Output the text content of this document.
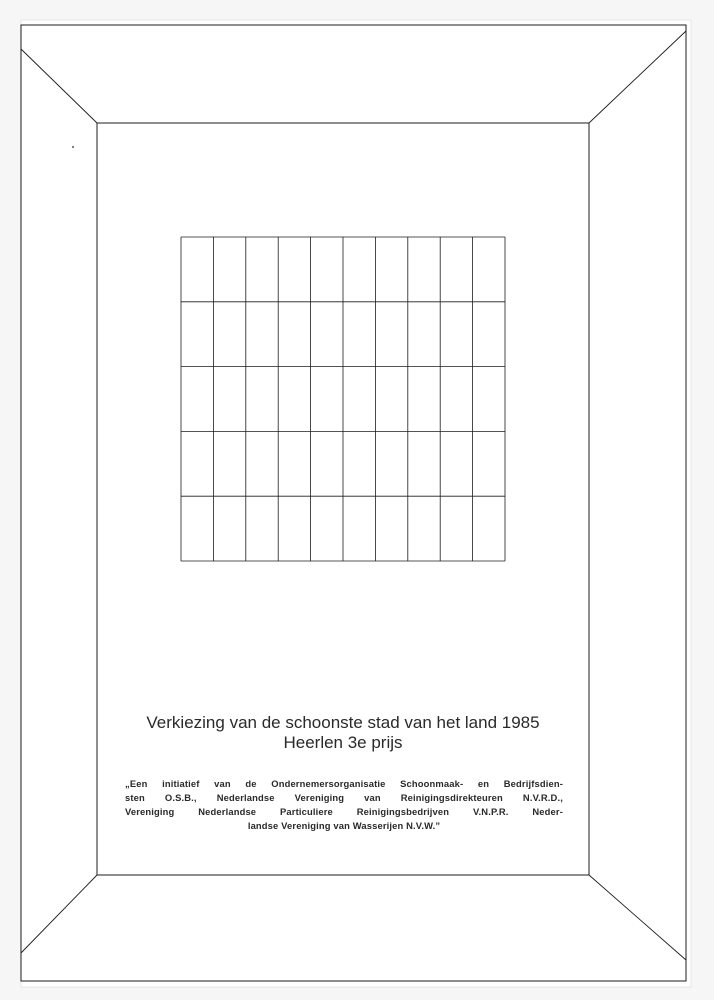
Verkiezing van de schoonste stad van het land 1985
Heerlen 3e prijs
„Een initiatief van de Ondernemersorganisatie Schoonmaak- en Bedrijfsdien-
sten O.S.B., Nederlandse Vereniging van Reinigingsdirekteuren N.V.R.D.,
Vereniging Nederlandse Particuliere Reinigingsbedrijven V.N.P.R. Neder-
landse Vereniging van Wasserijen N.V.W.”
